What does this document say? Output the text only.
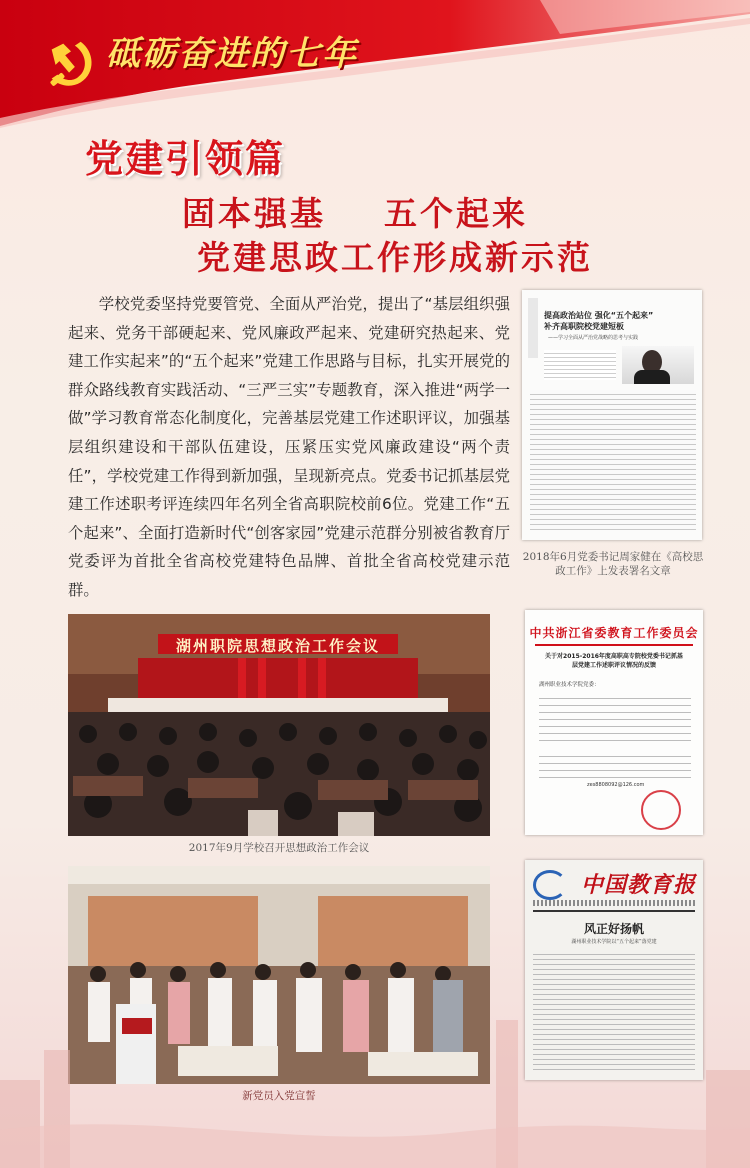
砥砺奋进的七年
党建引领篇
固本强基    五个起来
党建思政工作形成新示范

学校党委坚持党要管党、全面从严治党，提出了“基层组织强起来、党务干部硬起来、党风廉政严起来、党建研究热起来、党建工作实起来”的“五个起来”党建工作思路与目标，扎实开展党的群众路线教育实践活动、“三严三实”专题教育，深入推进“两学一做”学习教育常态化制度化，完善基层党建工作述职评议，加强基层组织建设和干部队伍建设，压紧压实党风廉政建设“两个责任”，学校党建工作得到新加强，呈现新亮点。党委书记抓基层党建工作述职考评连续四年名列全省高职院校前6位。党建工作“五个起来”、全面打造新时代“创客家园”党建示范群分别被省教育厅党委评为首批全省高校党建特色品牌、首批全省高校党建示范群。

提高政治站位 强化“五个起来”
补齐高职院校党建短板
——学习全面从严治党战略的思考与实践
2018年6月党委书记周家健在《高校思政工作》上发表署名文章
湖州职院思想政治工作会议
2017年9月学校召开思想政治工作会议
新党员入党宣誓
中共浙江省委教育工作委员会
关于对2015-2016年度高职高专院校党委书记抓基层党建工作述职评议情况的反馈
湖州职业技术学院党委：
zes8808092@126.com
中国教育报
风正好扬帆
湖州职业技术学院以“五个起来”落党建
